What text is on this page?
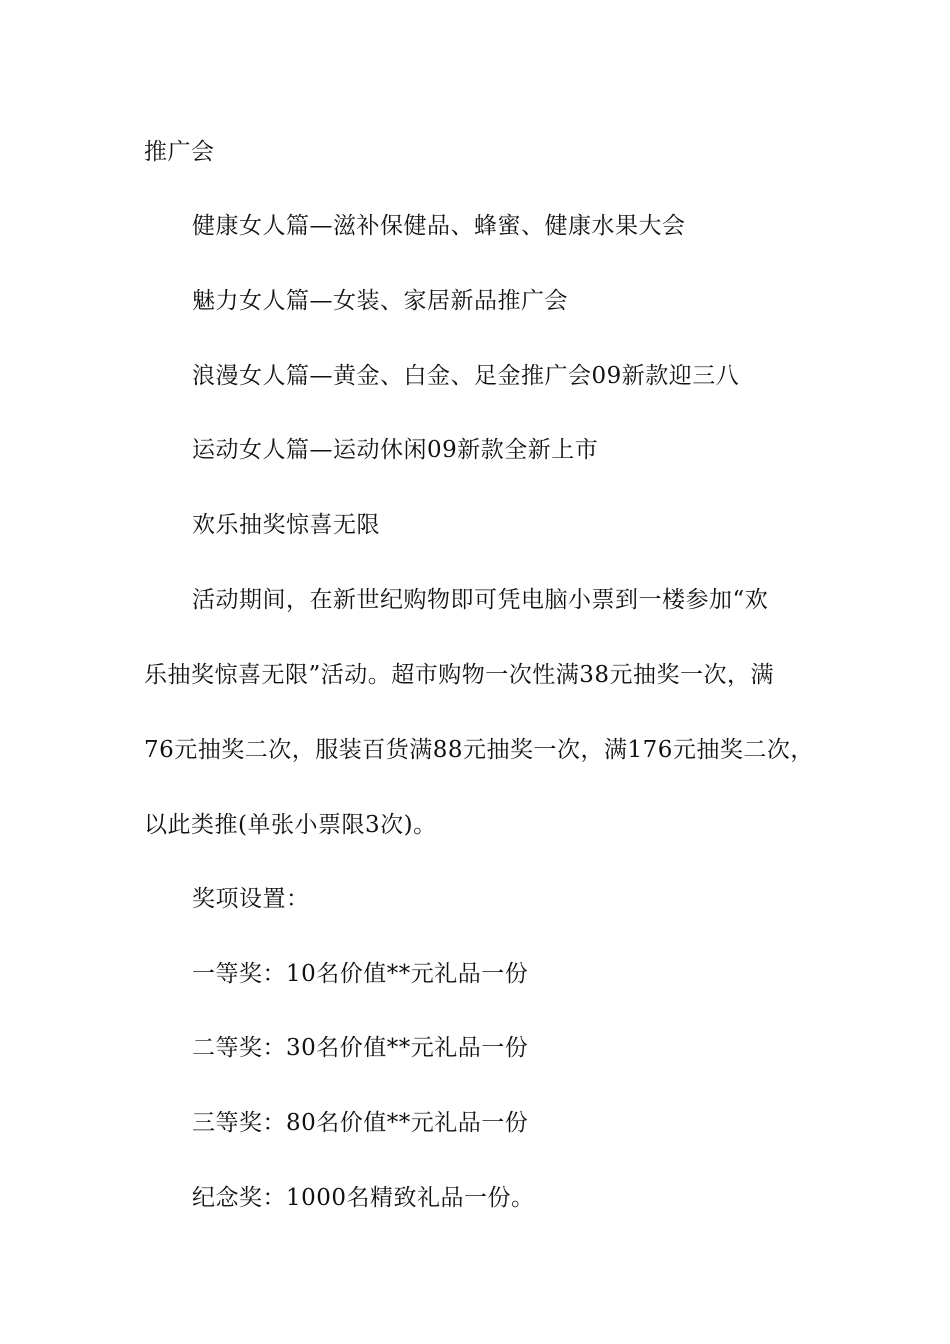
推广会
健康女人篇—滋补保健品、蜂蜜、健康水果大会
魅力女人篇—女装、家居新品推广会
浪漫女人篇—黄金、白金、足金推广会09新款迎三八
运动女人篇—运动休闲09新款全新上市
欢乐抽奖惊喜无限
活动期间，在新世纪购物即可凭电脑小票到一楼参加“欢
乐抽奖惊喜无限”活动。超市购物一次性满38元抽奖一次，满
76元抽奖二次，服装百货满88元抽奖一次，满176元抽奖二次，
以此类推(单张小票限3次)。
奖项设置：
一等奖：10名价值**元礼品一份
二等奖：30名价值**元礼品一份
三等奖：80名价值**元礼品一份
纪念奖：1000名精致礼品一份。
